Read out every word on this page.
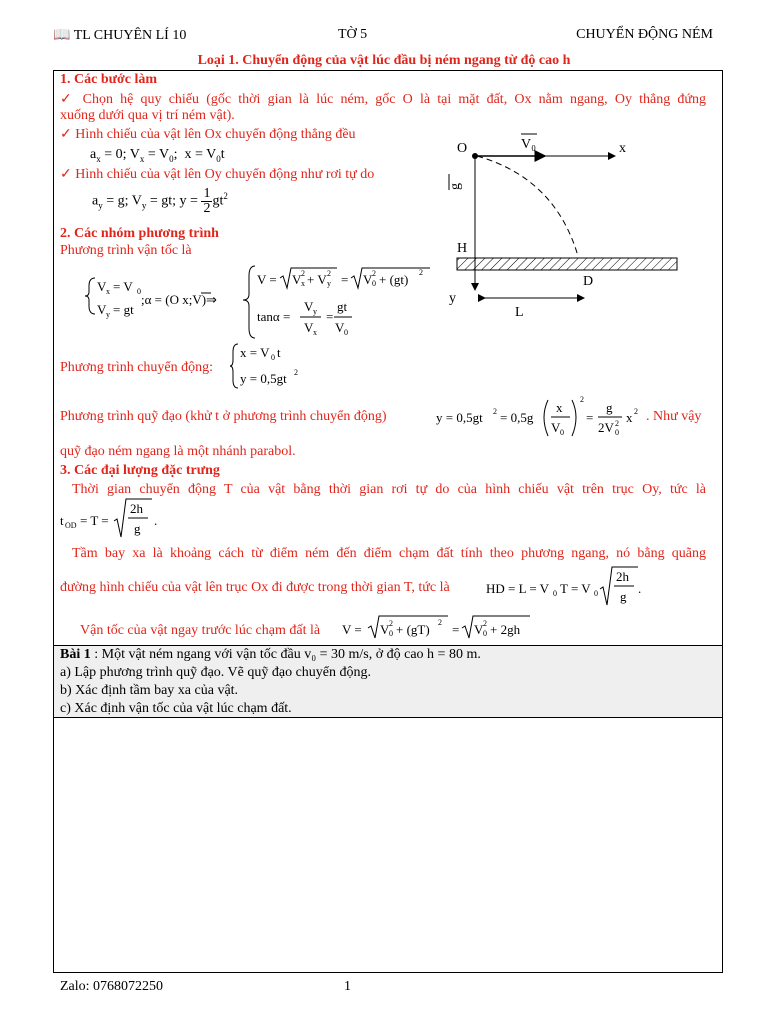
📖 TL CHUYÊN LÍ 10	TỜ 5	CHUYỂN ĐỘNG NÉM
Loại 1. Chuyển động của vật lúc đầu bị ném ngang từ độ cao h
1. Các bước làm
✓ Chọn hệ quy chiếu (gốc thời gian là lúc ném, gốc O là tại mặt đất, Ox nằm ngang, Oy thẳng đứng
xuống dưới qua vị trí ném vật).
✓ Hình chiếu của vật lên Ox chuyển động thẳng đều
$a_x = 0$; $V_x = V_0$;  $x = V_0t$
✓ Hình chiếu của vật lên Oy chuyển động như rơi tự do
$a_y = g$; $V_y$ = gt; $y = \frac{1}{2} gt^2$
2. Các nhóm phương trình
Phương trình vận tốc là
V x = V 0
V y = gt
;α = (O x;V)⇒
V = V x
2 + V y
2 = V 0
2 + (gt) 2
tanα =
V y
V x
=
gt
V 0
O	V₀	x
g
H
D
y
L
Phương trình chuyển động:
x = V 0 t
y = 0,5gt 2
Phương trình quỹ đạo (khử t ở phương trình chuyển động)	y = 0,5gt 2 = 0,5g
x
V 0
2
=
g
2V 0
2 x 2 . Như vậy
quỹ đạo ném ngang là một nhánh parabol.
3. Các đại lượng đặc trưng
Thời gian chuyển động T của vật bằng thời gian rơi tự do của hình chiếu vật trên trục Oy, tức là
t OD = T =
2h
g
.
Tầm bay xa là khoảng cách từ điểm ném đến điểm chạm đất tính theo phương ngang, nó bằng quãng
đường hình chiếu của vật lên trục Ox đi được trong thời gian T, tức là	HD = L = V 0 T = V 0
2h
g
.
Vận tốc của vật ngay trước lúc chạm đất là V = V 0
2 + (gT) 2 = V 0
2 + 2gh
Bài 1 : Một vật ném ngang với vận tốc đầu v₀ = 30 m/s, ở độ cao h = 80 m.
a) Lập phương trình quỹ đạo. Vẽ quỹ đạo chuyển động.
b) Xác định tầm bay xa của vật.
c) Xác định vận tốc của vật lúc chạm đất.
Zalo: 0768072250	1
